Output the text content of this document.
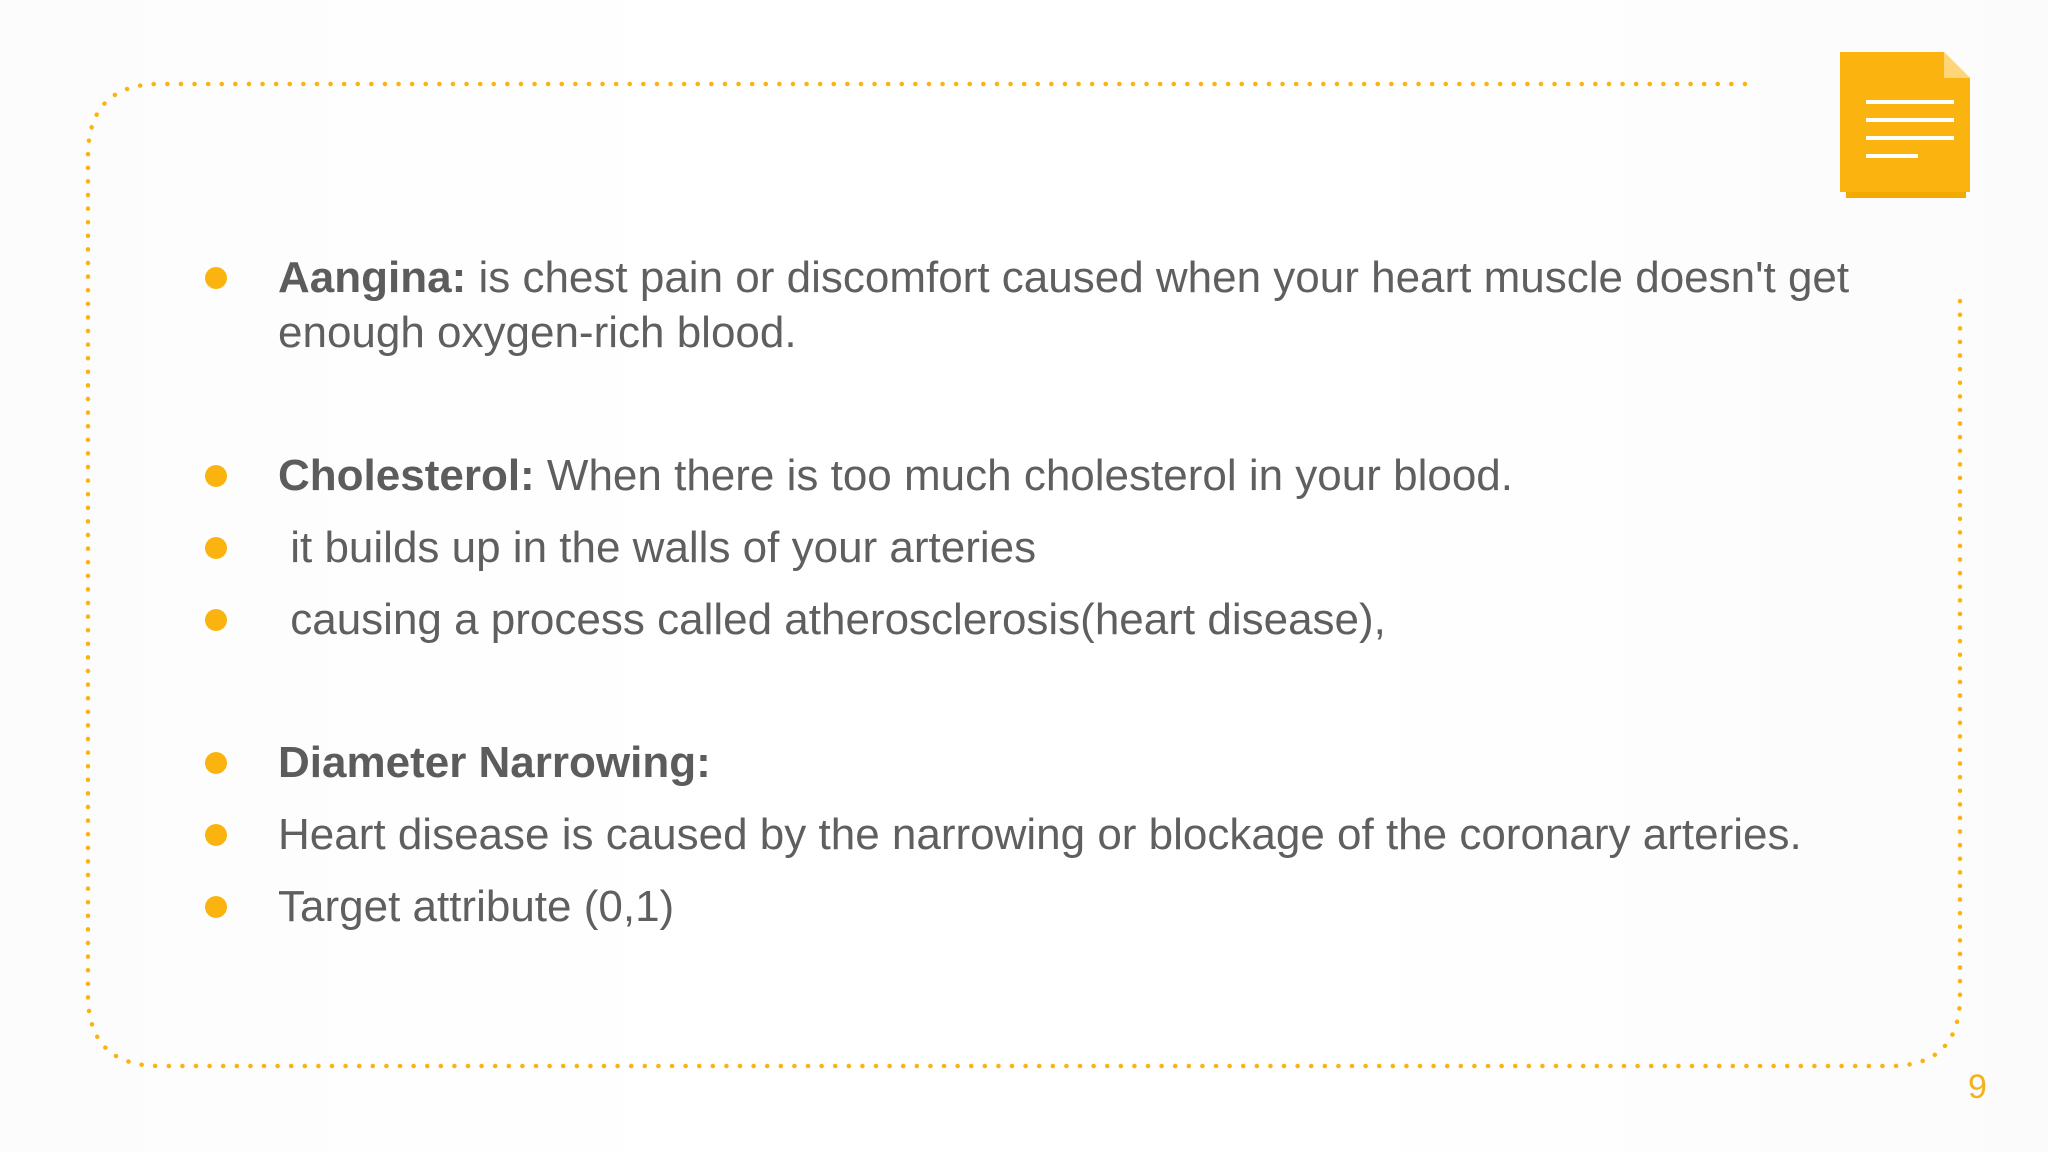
Aangina: is chest pain or discomfort caused when your heart muscle doesn't get enough oxygen-rich blood.
Cholesterol: When there is too much cholesterol in your blood.
it builds up in the walls of your arteries
causing a process called atherosclerosis(heart disease),
Diameter Narrowing:
Heart disease is caused by the narrowing or blockage of the coronary arteries.
Target attribute (0,1)
9
